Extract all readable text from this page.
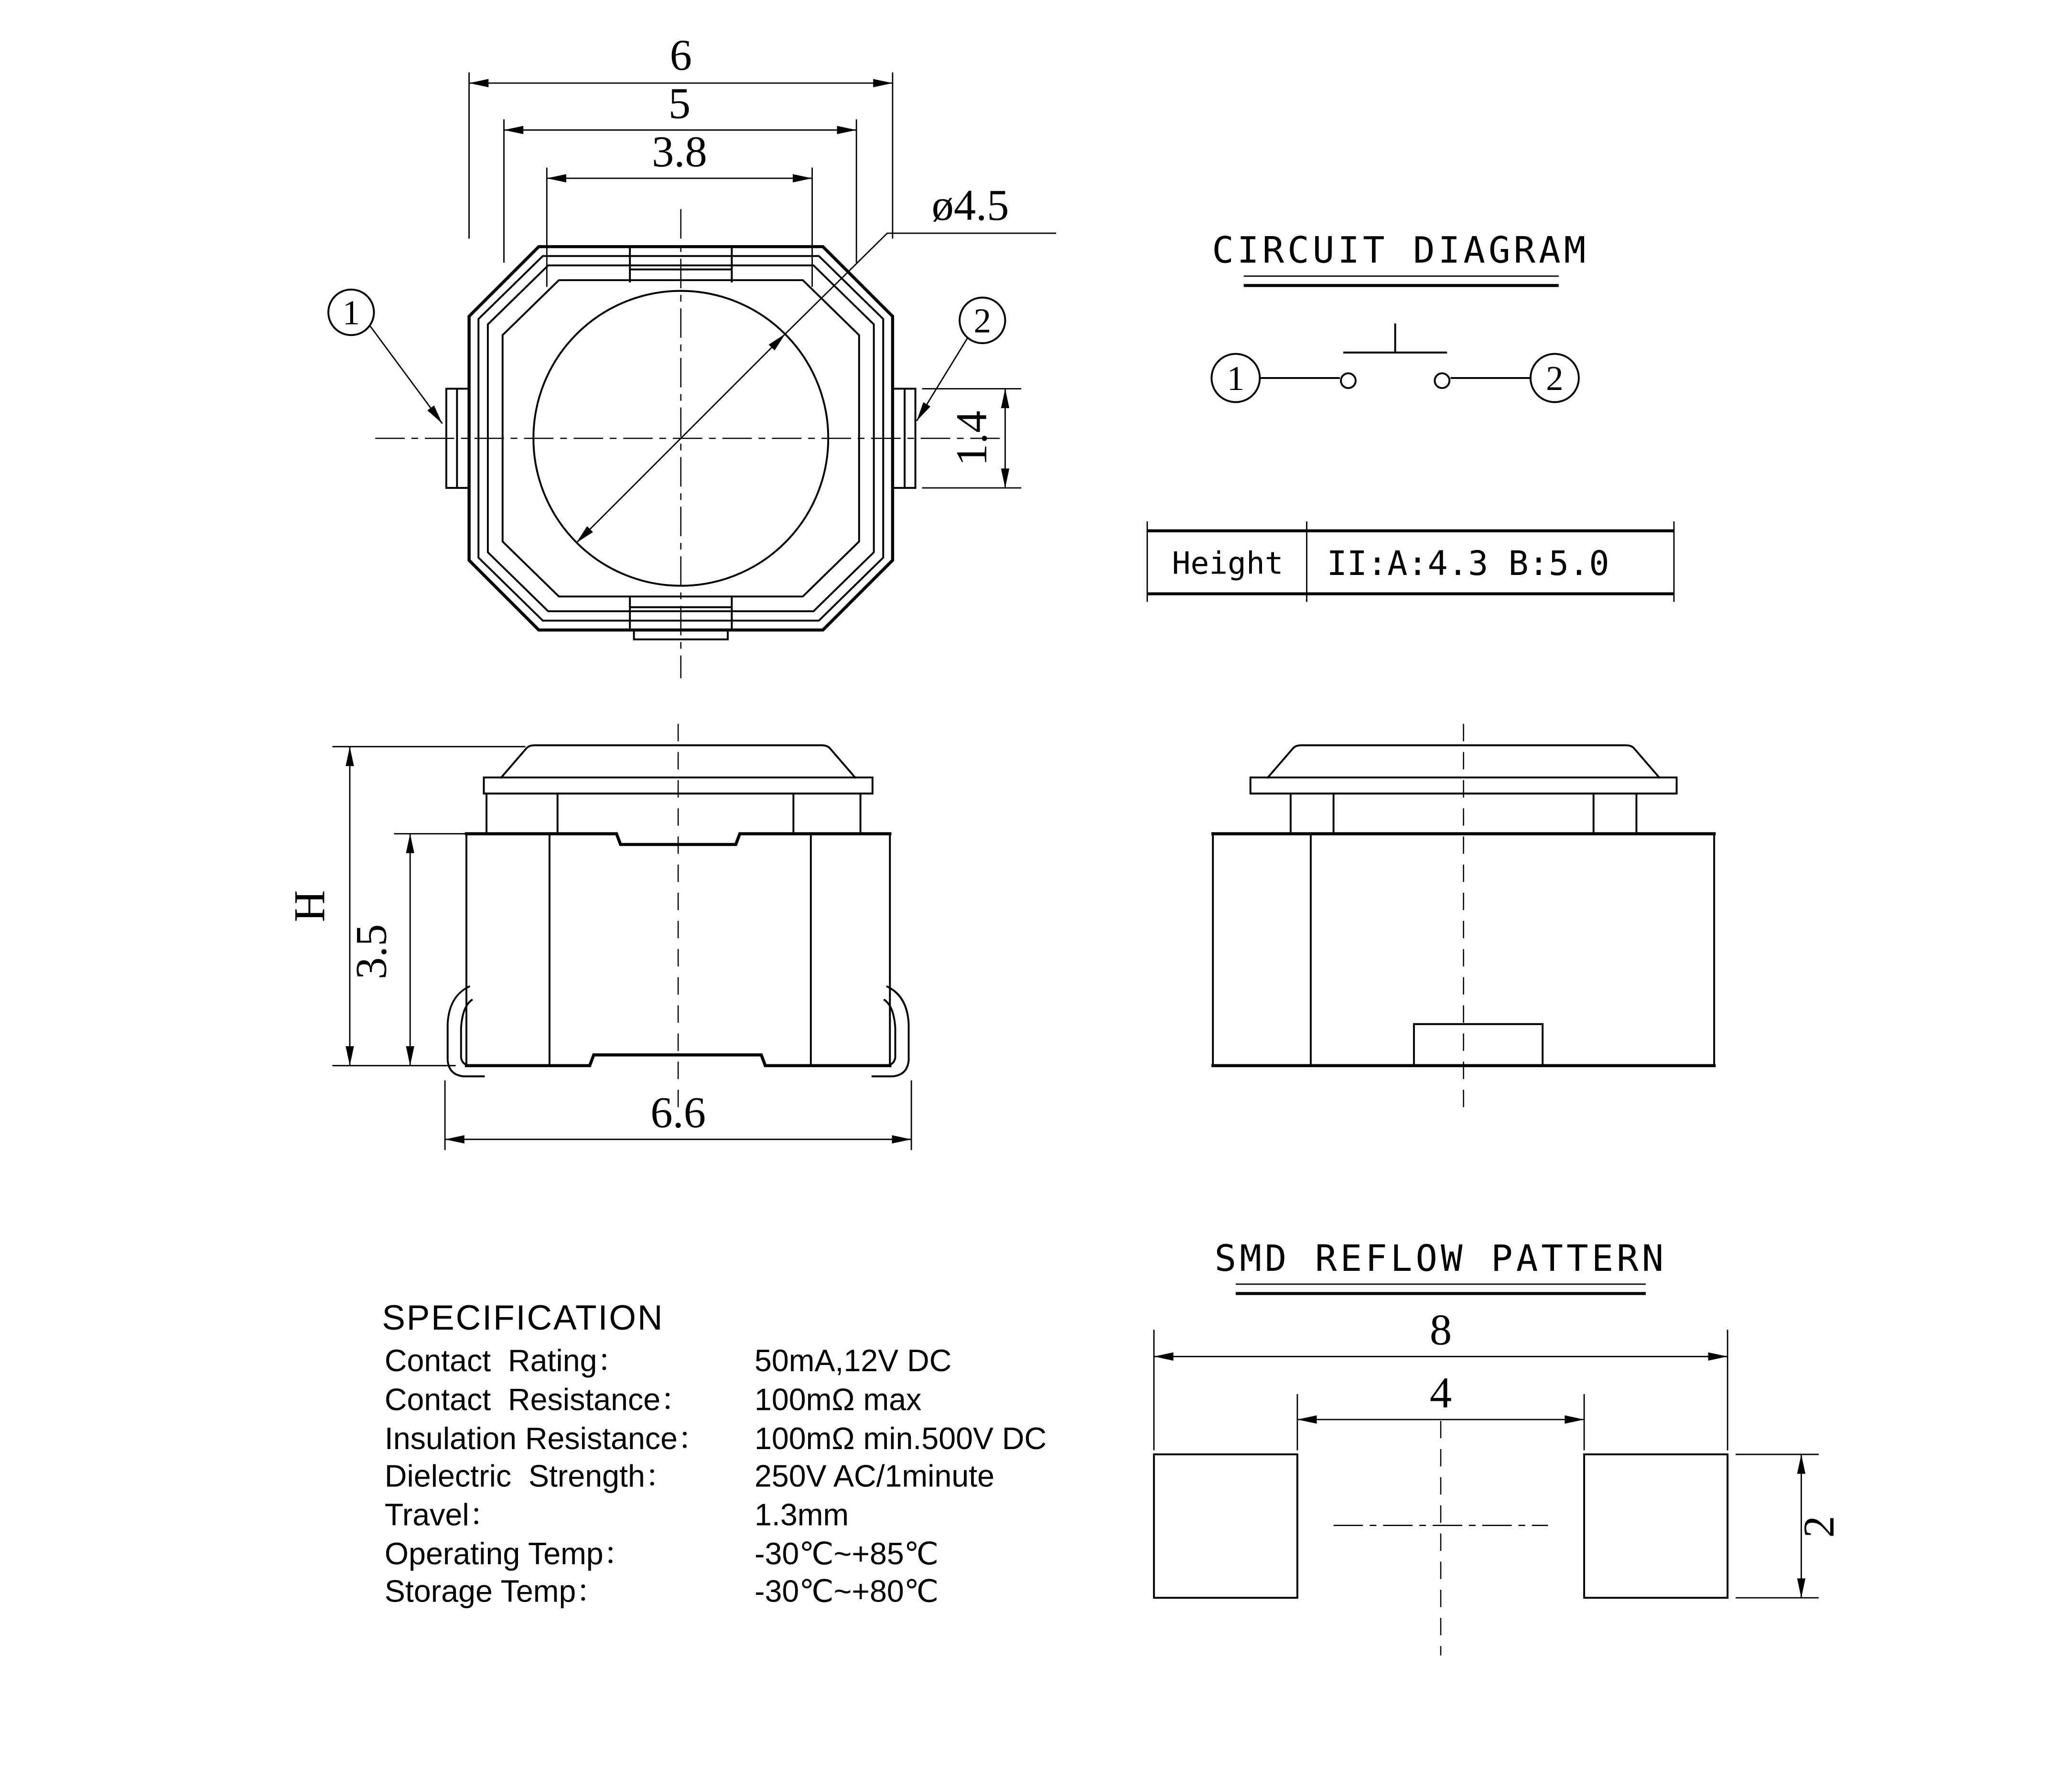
6
5
3.8
ø4.5
1.4
1	2
CIRCUIT DIAGRAM
1	2
Height	II:A:4.3 B:5.0
H
3.5
6.6
SMD REFLOW PATTERN
8
4
2
SPECIFICATION
Contact  Rating：	50mA,12V DC
Contact  Resistance：	100mΩ max
Insulation Resistance：	100mΩ min.500V DC
Dielectric  Strength：	250V AC/1minute
Travel：	1.3mm
Operating Temp：	-30℃~+85℃
Storage Temp：	-30℃~+80℃
